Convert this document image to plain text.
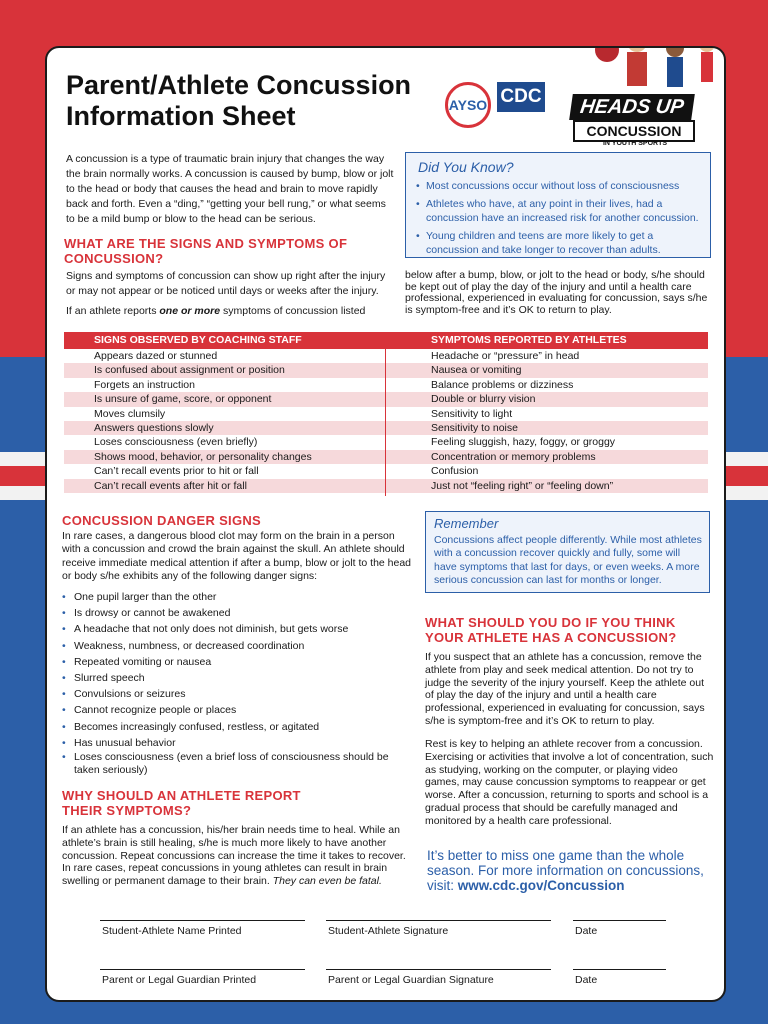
Parent/Athlete Concussion Information Sheet	AYSO CDC	HEADS UP
CONCUSSION
IN YOUTH SPORTS
A concussion is a type of traumatic brain injury that changes the way the brain normally works. A concussion is caused by bump, blow or jolt to the head or body that causes the head and brain to move rapidly back and forth. Even a “ding,” “getting your bell rung,” or what seems to be a mild bump or blow to the head can be serious.
Did You Know?
• Most concussions occur without loss of consciousness
• Athletes who have, at any point in their lives, had a concussion have an increased risk for another concussion.
• Young children and teens are more likely to get a concussion and take longer to recover than adults.
WHAT ARE THE SIGNS AND SYMPTOMS OF CONCUSSION?
Signs and symptoms of concussion can show up right after the injury or may not appear or be noticed until days or weeks after the injury.
If an athlete reports one or more symptoms of concussion listed
below after a bump, blow, or jolt to the head or body, s/he should be kept out of play the day of the injury and until a health care professional, experienced in evaluating for concussion, says s/he is symptom-free and it’s OK to return to play.
SIGNS OBSERVED BY COACHING STAFF	SYMPTOMS REPORTED BY ATHLETES
Appears dazed or stunned	Headache or “pressure” in head
Is confused about assignment or position	Nausea or vomiting
Forgets an instruction	Balance problems or dizziness
Is unsure of game, score, or opponent	Double or blurry vision
Moves clumsily	Sensitivity to light
Answers questions slowly	Sensitivity to noise
Loses consciousness (even briefly)	Feeling sluggish, hazy, foggy, or groggy
Shows mood, behavior, or personality changes	Concentration or memory problems
Can’t recall events prior to hit or fall	Confusion
Can’t recall events after hit or fall	Just not “feeling right” or “feeling down”
CONCUSSION DANGER SIGNS
In rare cases, a dangerous blood clot may form on the brain in a person with a concussion and crowd the brain against the skull. An athlete should receive immediate medical attention if after a bump, blow or jolt to the head or body s/he exhibits any of the following danger signs:
• One pupil larger than the other
• Is drowsy or cannot be awakened
• A headache that not only does not diminish, but gets worse
• Weakness, numbness, or decreased coordination
• Repeated vomiting or nausea
• Slurred speech
• Convulsions or seizures
• Cannot recognize people or places
• Becomes increasingly confused, restless, or agitated
• Has unusual behavior
• Loses consciousness (even a brief loss of consciousness should be taken seriously)
Remember
Concussions affect people differently. While most athletes with a concussion recover quickly and fully, some will have symptoms that last for days, or even weeks. A more serious concussion can last for months or longer.
WHAT SHOULD YOU DO IF YOU THINK YOUR ATHLETE HAS A CONCUSSION?
If you suspect that an athlete has a concussion, remove the athlete from play and seek medical attention. Do not try to judge the severity of the injury yourself. Keep the athlete out of play the day of the injury and until a health care professional, experienced in evaluating for concussion, says s/he is symptom-free and it’s OK to return to play.
Rest is key to helping an athlete recover from a concussion. Exercising or activities that involve a lot of concentration, such as studying, working on the computer, or playing video games, may cause concussion symptoms to reappear or get worse. After a concussion, returning to sports and school is a gradual process that should be carefully managed and monitored by a health care professional.
WHY SHOULD AN ATHLETE REPORT THEIR SYMPTOMS?
If an athlete has a concussion, his/her brain needs time to heal. While an athlete’s brain is still healing, s/he is much more likely to have another concussion. Repeat concussions can increase the time it takes to recover. In rare cases, repeat concussions in young athletes can result in brain swelling or permanent damage to their brain. They can even be fatal.
It’s better to miss one game than the whole season. For more information on concussions, visit: www.cdc.gov/Concussion
Student-Athlete Name Printed	Student-Athlete Signature	Date
Parent or Legal Guardian Printed	Parent or Legal Guardian Signature	Date
